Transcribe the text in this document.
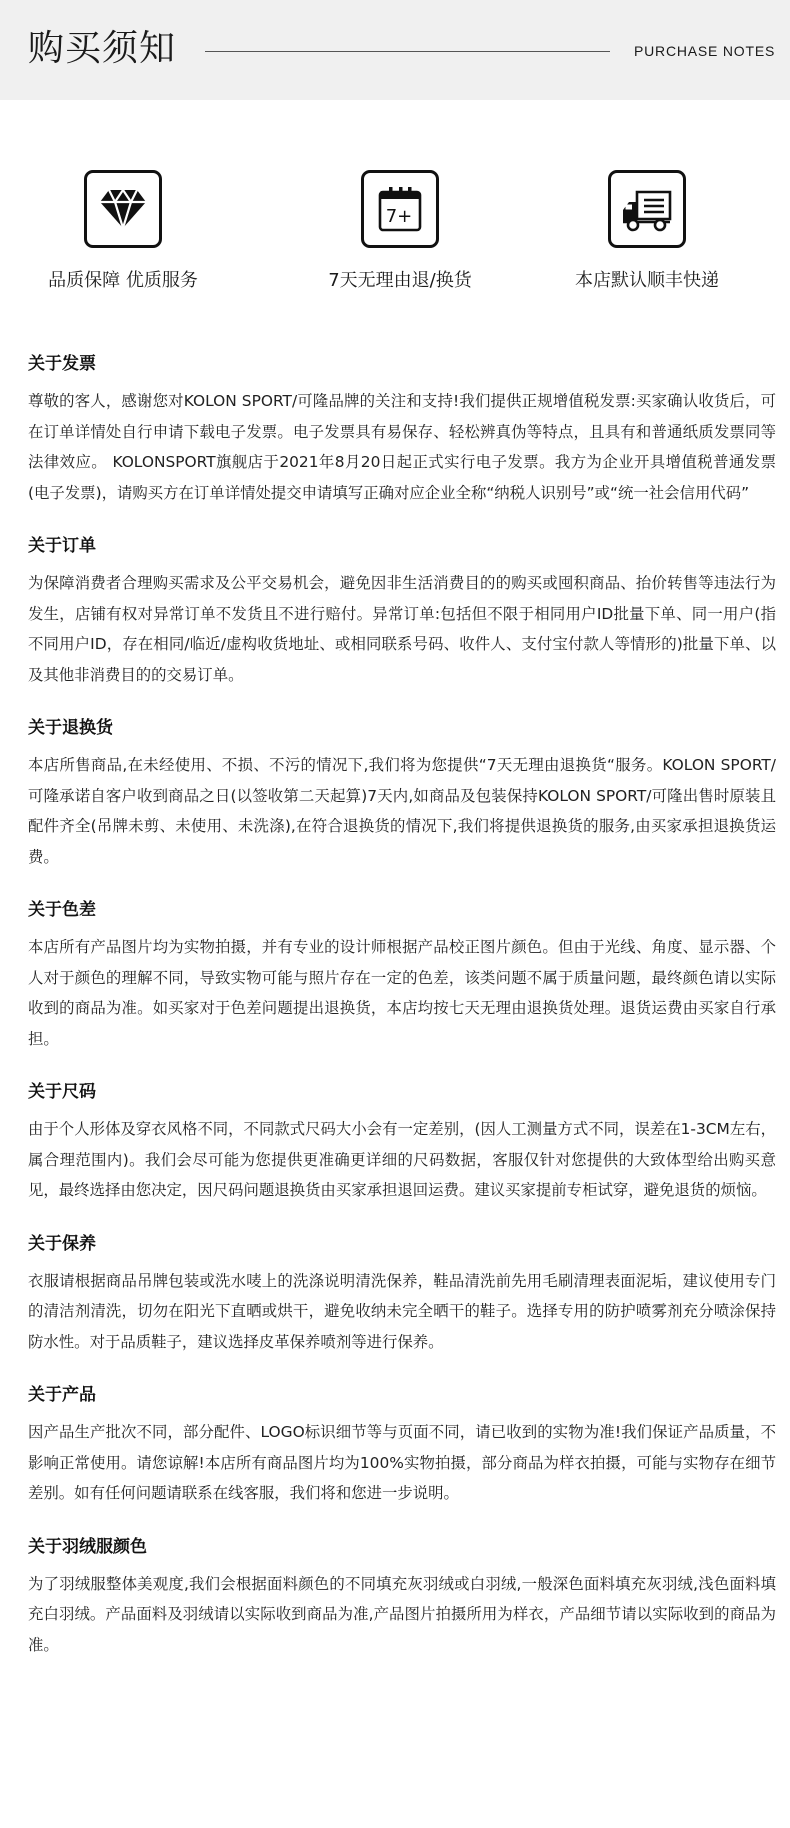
购买须知	PURCHASE NOTES
品质保障 优质服务
7+
7天无理由退/换货	本店默认顺丰快递
关于发票

尊敬的客人，感谢您对KOLON SPORT/可隆品牌的关注和支持!我们提供正规增值税发票:买家确认收货后，可在订单详情处自行申请下载电子发票。电子发票具有易保存、轻松辨真伪等特点，且具有和普通纸质发票同等法律效应。 KOLONSPORT旗舰店于2021年8月20日起正式实行电子发票。我方为企业开具增值税普通发票(电子发票)，请购买方在订单详情处提交申请填写正确对应企业全称“纳税人识别号”或“统一社会信用代码”

关于订单

为保障消费者合理购买需求及公平交易机会，避免因非生活消费目的的购买或囤积商品、抬价转售等违法行为发生，店铺有权对异常订单不发货且不进行赔付。异常订单:包括但不限于相同用户ID批量下单、同一用户(指不同用户ID，存在相同/临近/虚构收货地址、或相同联系号码、收件人、支付宝付款人等情形的)批量下单、以及其他非消费目的的交易订单。

关于退换货

本店所售商品,在未经使用、不损、不污的情况下,我们将为您提供“7天无理由退换货“服务。KOLON SPORT/可隆承诺自客户收到商品之日(以签收第二天起算)7天内,如商品及包装保持KOLON SPORT/可隆出售时原装且配件齐全(吊牌未剪、未使用、未洗涤),在符合退换货的情况下,我们将提供退换货的服务,由买家承担退换货运费。

关于色差

本店所有产品图片均为实物拍摄，并有专业的设计师根据产品校正图片颜色。但由于光线、角度、显示器、个人对于颜色的理解不同，导致实物可能与照片存在一定的色差，该类问题不属于质量问题，最终颜色请以实际收到的商品为准。如买家对于色差问题提出退换货，本店均按七天无理由退换货处理。退货运费由买家自行承担。

关于尺码

由于个人形体及穿衣风格不同，不同款式尺码大小会有一定差别，(因人工测量方式不同，误差在1-3CM左右，属合理范围内)。我们会尽可能为您提供更准确更详细的尺码数据，客服仅针对您提供的大致体型给出购买意见，最终选择由您决定，因尺码问题退换货由买家承担退回运费。建议买家提前专柜试穿，避免退货的烦恼。

关于保养

衣服请根据商品吊牌包装或洗水唛上的洗涤说明清洗保养，鞋品清洗前先用毛刷清理表面泥垢，建议使用专门的清洁剂清洗，切勿在阳光下直晒或烘干，避免收纳未完全晒干的鞋子。选择专用的防护喷雾剂充分喷涂保持防水性。对于品质鞋子，建议选择皮革保养喷剂等进行保养。

关于产品

因产品生产批次不同，部分配件、LOGO标识细节等与页面不同，请已收到的实物为准!我们保证产品质量，不影响正常使用。请您谅解!本店所有商品图片均为100%实物拍摄，部分商品为样衣拍摄，可能与实物存在细节差别。如有任何问题请联系在线客服，我们将和您进一步说明。

关于羽绒服颜色

为了羽绒服整体美观度,我们会根据面料颜色的不同填充灰羽绒或白羽绒,一般深色面料填充灰羽绒,浅色面料填充白羽绒。产品面料及羽绒请以实际收到商品为准,产品图片拍摄所用为样衣，产品细节请以实际收到的商品为准。
